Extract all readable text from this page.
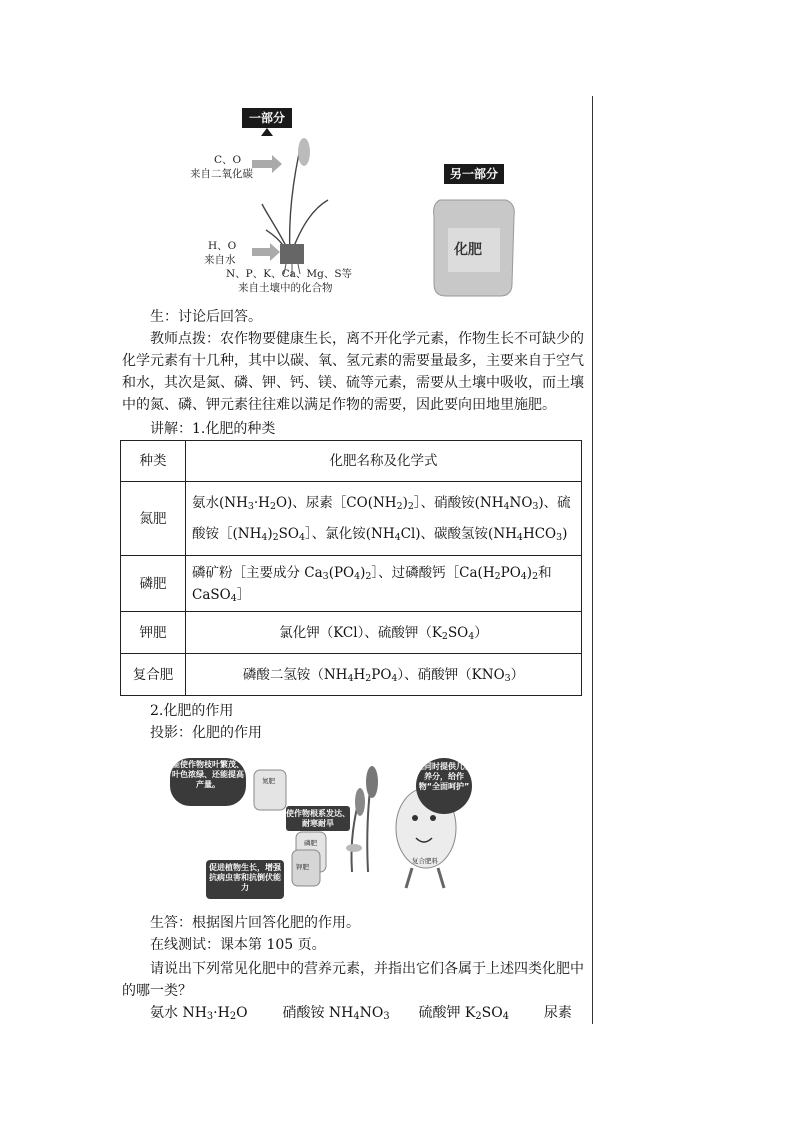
一部分
C、O
来自二氧化碳
H、O
来自水
N、P、K、Ca、Mg、S等
来自土壤中的化合物
另一部分
化肥
生：讨论后回答。
教师点拨：农作物要健康生长，离不开化学元素，作物生长不可缺少的化学元素有十几种，其中以碳、氧、氢元素的需要量最多，主要来自于空气和水，其次是氮、磷、钾、钙、镁、硫等元素，需要从土壤中吸收，而土壤中的氮、磷、钾元素往往难以满足作物的需要，因此要向田地里施肥。
讲解：1.化肥的种类
种类	化肥名称及化学式
氮肥	氨水$(NH_3\cdot H_2O)$、尿素$[CO(NH_2)_2]$、硝酸铵$(NH_4NO_3)$、硫酸铵$[(NH_4)_2SO_4]$、氯化铵$(NH_4Cl)$、碳酸氢铵$(NH_4HCO_3)$
磷肥	磷矿粉［主要成分 $Ca_3(PO_4)_2]$、过磷酸钙$[Ca(H_2PO_4)_2$和 CaSO$_4$］
钾肥	氯化钾（KCl）、硫酸钾$(K_2SO_4)$
复合肥	磷酸二氢铵$(NH_4H_2PO_4)$、硝酸钾$(KNO_3)$
2.化肥的作用
投影：化肥的作用
能使作物枝叶繁茂、叶色浓绿、还能提高产量。
使作物根系发达、耐寒耐旱
促进植物生长，增强抗病虫害和抗倒伏能力
能同时提供几种养分，给作物“全面呵护”
氮肥
磷肥
钾肥
复合肥料
生答：根据图片回答化肥的作用。
在线测试：课本第 105 页。
请说出下列常见化肥中的营养元素，并指出它们各属于上述四类化肥中的哪一类？
氨水 $NH_3\cdot H_2O$  硝酸铵 $NH_4NO_3$ 硫酸钾 $K_2SO_4$ 尿素
